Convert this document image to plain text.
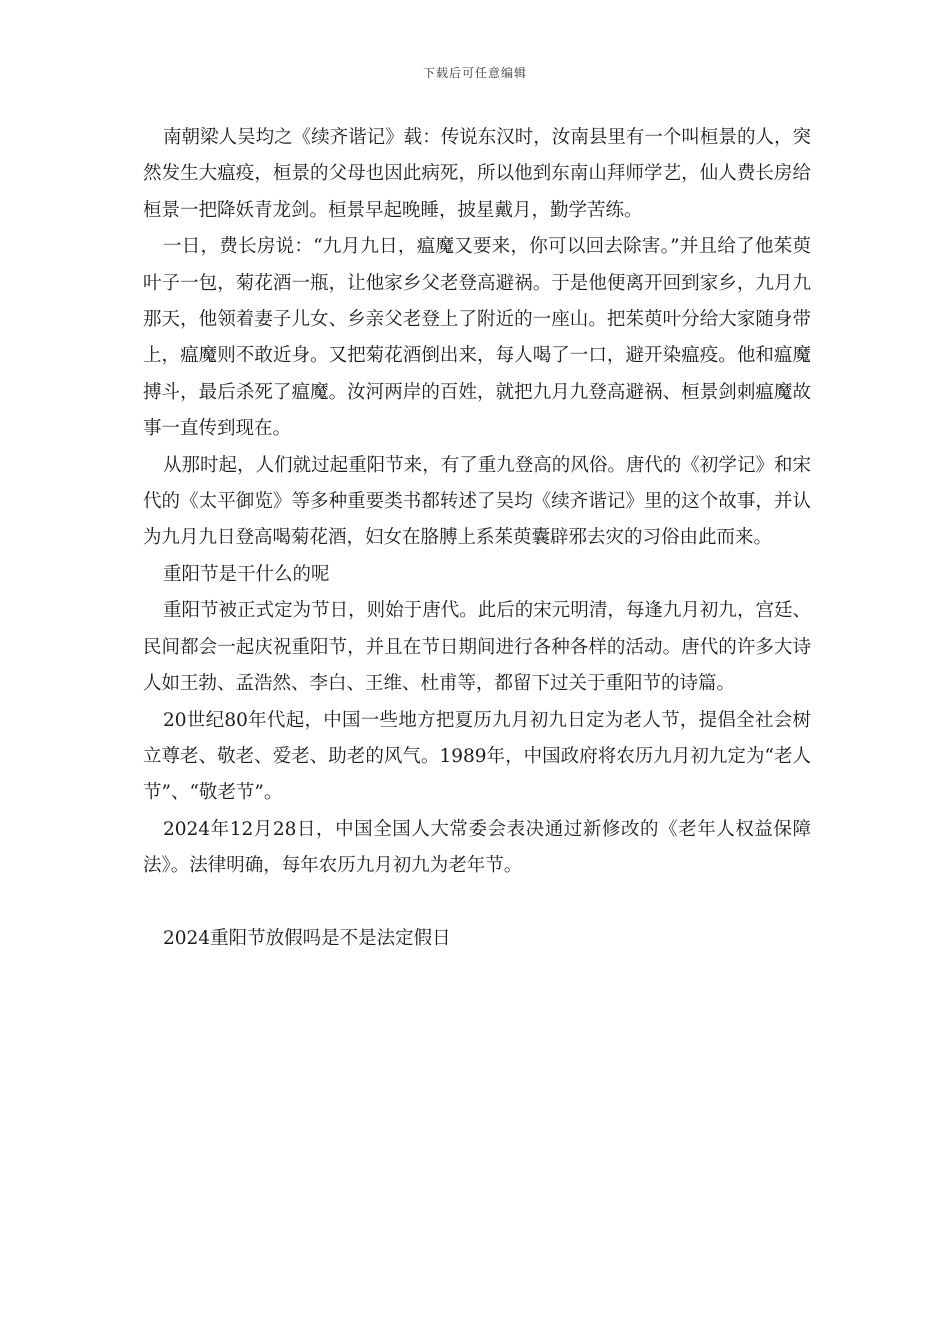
下载后可任意编辑

南朝梁人吴均之《续齐谐记》载：传说东汉时，汝南县里有一个叫桓景的人，突然发生大瘟疫，桓景的父母也因此病死，所以他到东南山拜师学艺，仙人费长房给桓景一把降妖青龙剑。桓景早起晚睡，披星戴月，勤学苦练。

一日，费长房说：“九月九日，瘟魔又要来，你可以回去除害。”并且给了他茱萸叶子一包，菊花酒一瓶，让他家乡父老登高避祸。于是他便离开回到家乡，九月九那天，他领着妻子儿女、乡亲父老登上了附近的一座山。把茱萸叶分给大家随身带上，瘟魔则不敢近身。又把菊花酒倒出来，每人喝了一口，避开染瘟疫。他和瘟魔搏斗，最后杀死了瘟魔。汝河两岸的百姓，就把九月九登高避祸、桓景剑刺瘟魔故事一直传到现在。

从那时起，人们就过起重阳节来，有了重九登高的风俗。唐代的《初学记》和宋代的《太平御览》等多种重要类书都转述了吴均《续齐谐记》里的这个故事，并认为九月九日登高喝菊花酒，妇女在胳膊上系茱萸囊辟邪去灾的习俗由此而来。

重阳节是干什么的呢

重阳节被正式定为节日，则始于唐代。此后的宋元明清，每逢九月初九，宫廷、民间都会一起庆祝重阳节，并且在节日期间进行各种各样的活动。唐代的许多大诗人如王勃、孟浩然、李白、王维、杜甫等，都留下过关于重阳节的诗篇。

20世纪80年代起，中国一些地方把夏历九月初九日定为老人节，提倡全社会树立尊老、敬老、爱老、助老的风气。1989年，中国政府将农历九月初九定为“老人节”、“敬老节”。

2024年12月28日，中国全国人大常委会表决通过新修改的《老年人权益保障法》。法律明确，每年农历九月初九为老年节。

2024重阳节放假吗是不是法定假日
